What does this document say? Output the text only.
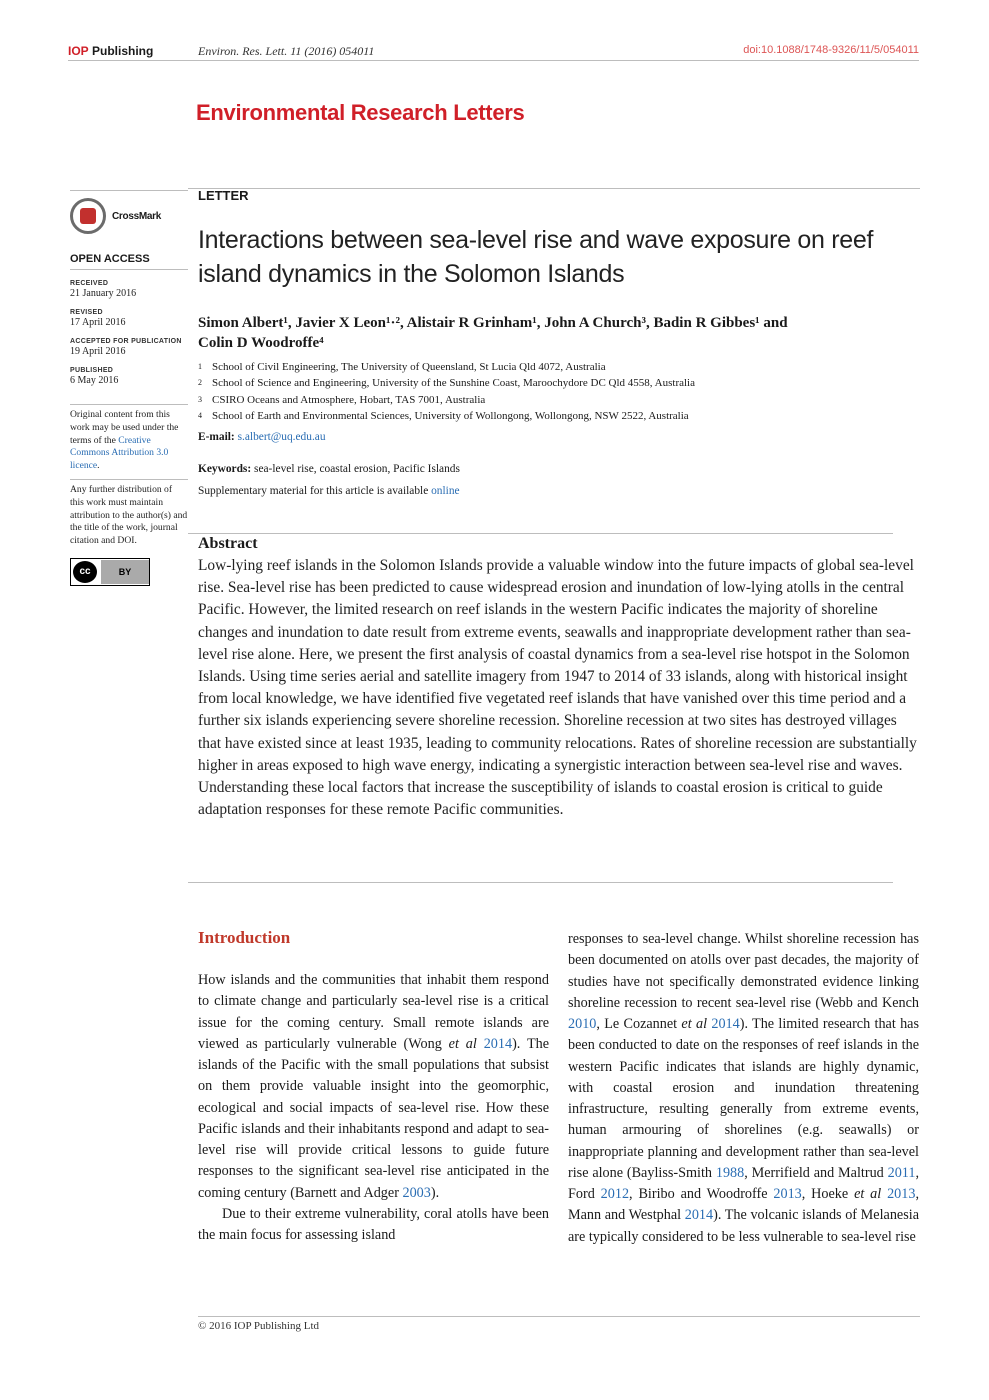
IOP Publishing	Environ. Res. Lett. 11 (2016) 054011	doi:10.1088/1748-9326/11/5/054011
Environmental Research Letters
CrossMark
OPEN ACCESS
RECEIVED
21 January 2016
REVISED
17 April 2016
ACCEPTED FOR PUBLICATION
19 April 2016
PUBLISHED
6 May 2016
Original content from this work may be used under the terms of the Creative Commons Attribution 3.0 licence.
Any further distribution of this work must maintain attribution to the author(s) and the title of the work, journal citation and DOI.
cc	BY
LETTER
Interactions between sea-level rise and wave exposure on reef island dynamics in the Solomon Islands
Simon Albert¹, Javier X Leon¹·², Alistair R Grinham¹, John A Church³, Badin R Gibbes¹ and
Colin D Woodroffe⁴
1 School of Civil Engineering, The University of Queensland, St Lucia Qld 4072, Australia
2 School of Science and Engineering, University of the Sunshine Coast, Maroochydore DC Qld 4558, Australia
3 CSIRO Oceans and Atmosphere, Hobart, TAS 7001, Australia
4 School of Earth and Environmental Sciences, University of Wollongong, Wollongong, NSW 2522, Australia
E-mail: s.albert@uq.edu.au
Keywords: sea-level rise, coastal erosion, Pacific Islands
Supplementary material for this article is available online
Abstract
Low-lying reef islands in the Solomon Islands provide a valuable window into the future impacts of global sea-level rise. Sea-level rise has been predicted to cause widespread erosion and inundation of low-lying atolls in the central Pacific. However, the limited research on reef islands in the western Pacific indicates the majority of shoreline changes and inundation to date result from extreme events, seawalls and inappropriate development rather than sea-level rise alone. Here, we present the first analysis of coastal dynamics from a sea-level rise hotspot in the Solomon Islands. Using time series aerial and satellite imagery from 1947 to 2014 of 33 islands, along with historical insight from local knowledge, we have identified five vegetated reef islands that have vanished over this time period and a further six islands experiencing severe shoreline recession. Shoreline recession at two sites has destroyed villages that have existed since at least 1935, leading to community relocations. Rates of shoreline recession are substantially higher in areas exposed to high wave energy, indicating a synergistic interaction between sea-level rise and waves. Understanding these local factors that increase the susceptibility of islands to coastal erosion is critical to guide adaptation responses for these remote Pacific communities.
Introduction

How islands and the communities that inhabit them respond to climate change and particularly sea-level rise is a critical issue for the coming century. Small remote islands are viewed as particularly vulnerable (Wong et al 2014). The islands of the Pacific with the small populations that subsist on them provide valuable insight into the geomorphic, ecological and social impacts of sea-level rise. How these Pacific islands and their inhabitants respond and adapt to sea-level rise will provide critical lessons to guide future responses to the significant sea-level rise anticipated in the coming century (Barnett and Adger 2003).

Due to their extreme vulnerability, coral atolls have been the main focus for assessing island

responses to sea-level change. Whilst shoreline recession has been documented on atolls over past decades, the majority of studies have not specifically demonstrated evidence linking shoreline recession to recent sea-level rise (Webb and Kench 2010, Le Cozannet et al 2014). The limited research that has been conducted to date on the responses of reef islands in the western Pacific indicates that islands are highly dynamic, with coastal erosion and inundation threatening infrastructure, resulting generally from extreme events, human armouring of shorelines (e.g. seawalls) or inappropriate planning and development rather than sea-level rise alone (Bayliss-Smith 1988, Merrifield and Maltrud 2011, Ford 2012, Biribo and Woodroffe 2013, Hoeke et al 2013, Mann and Westphal 2014). The volcanic islands of Melanesia are typically considered to be less vulnerable to sea-level rise

© 2016 IOP Publishing Ltd
